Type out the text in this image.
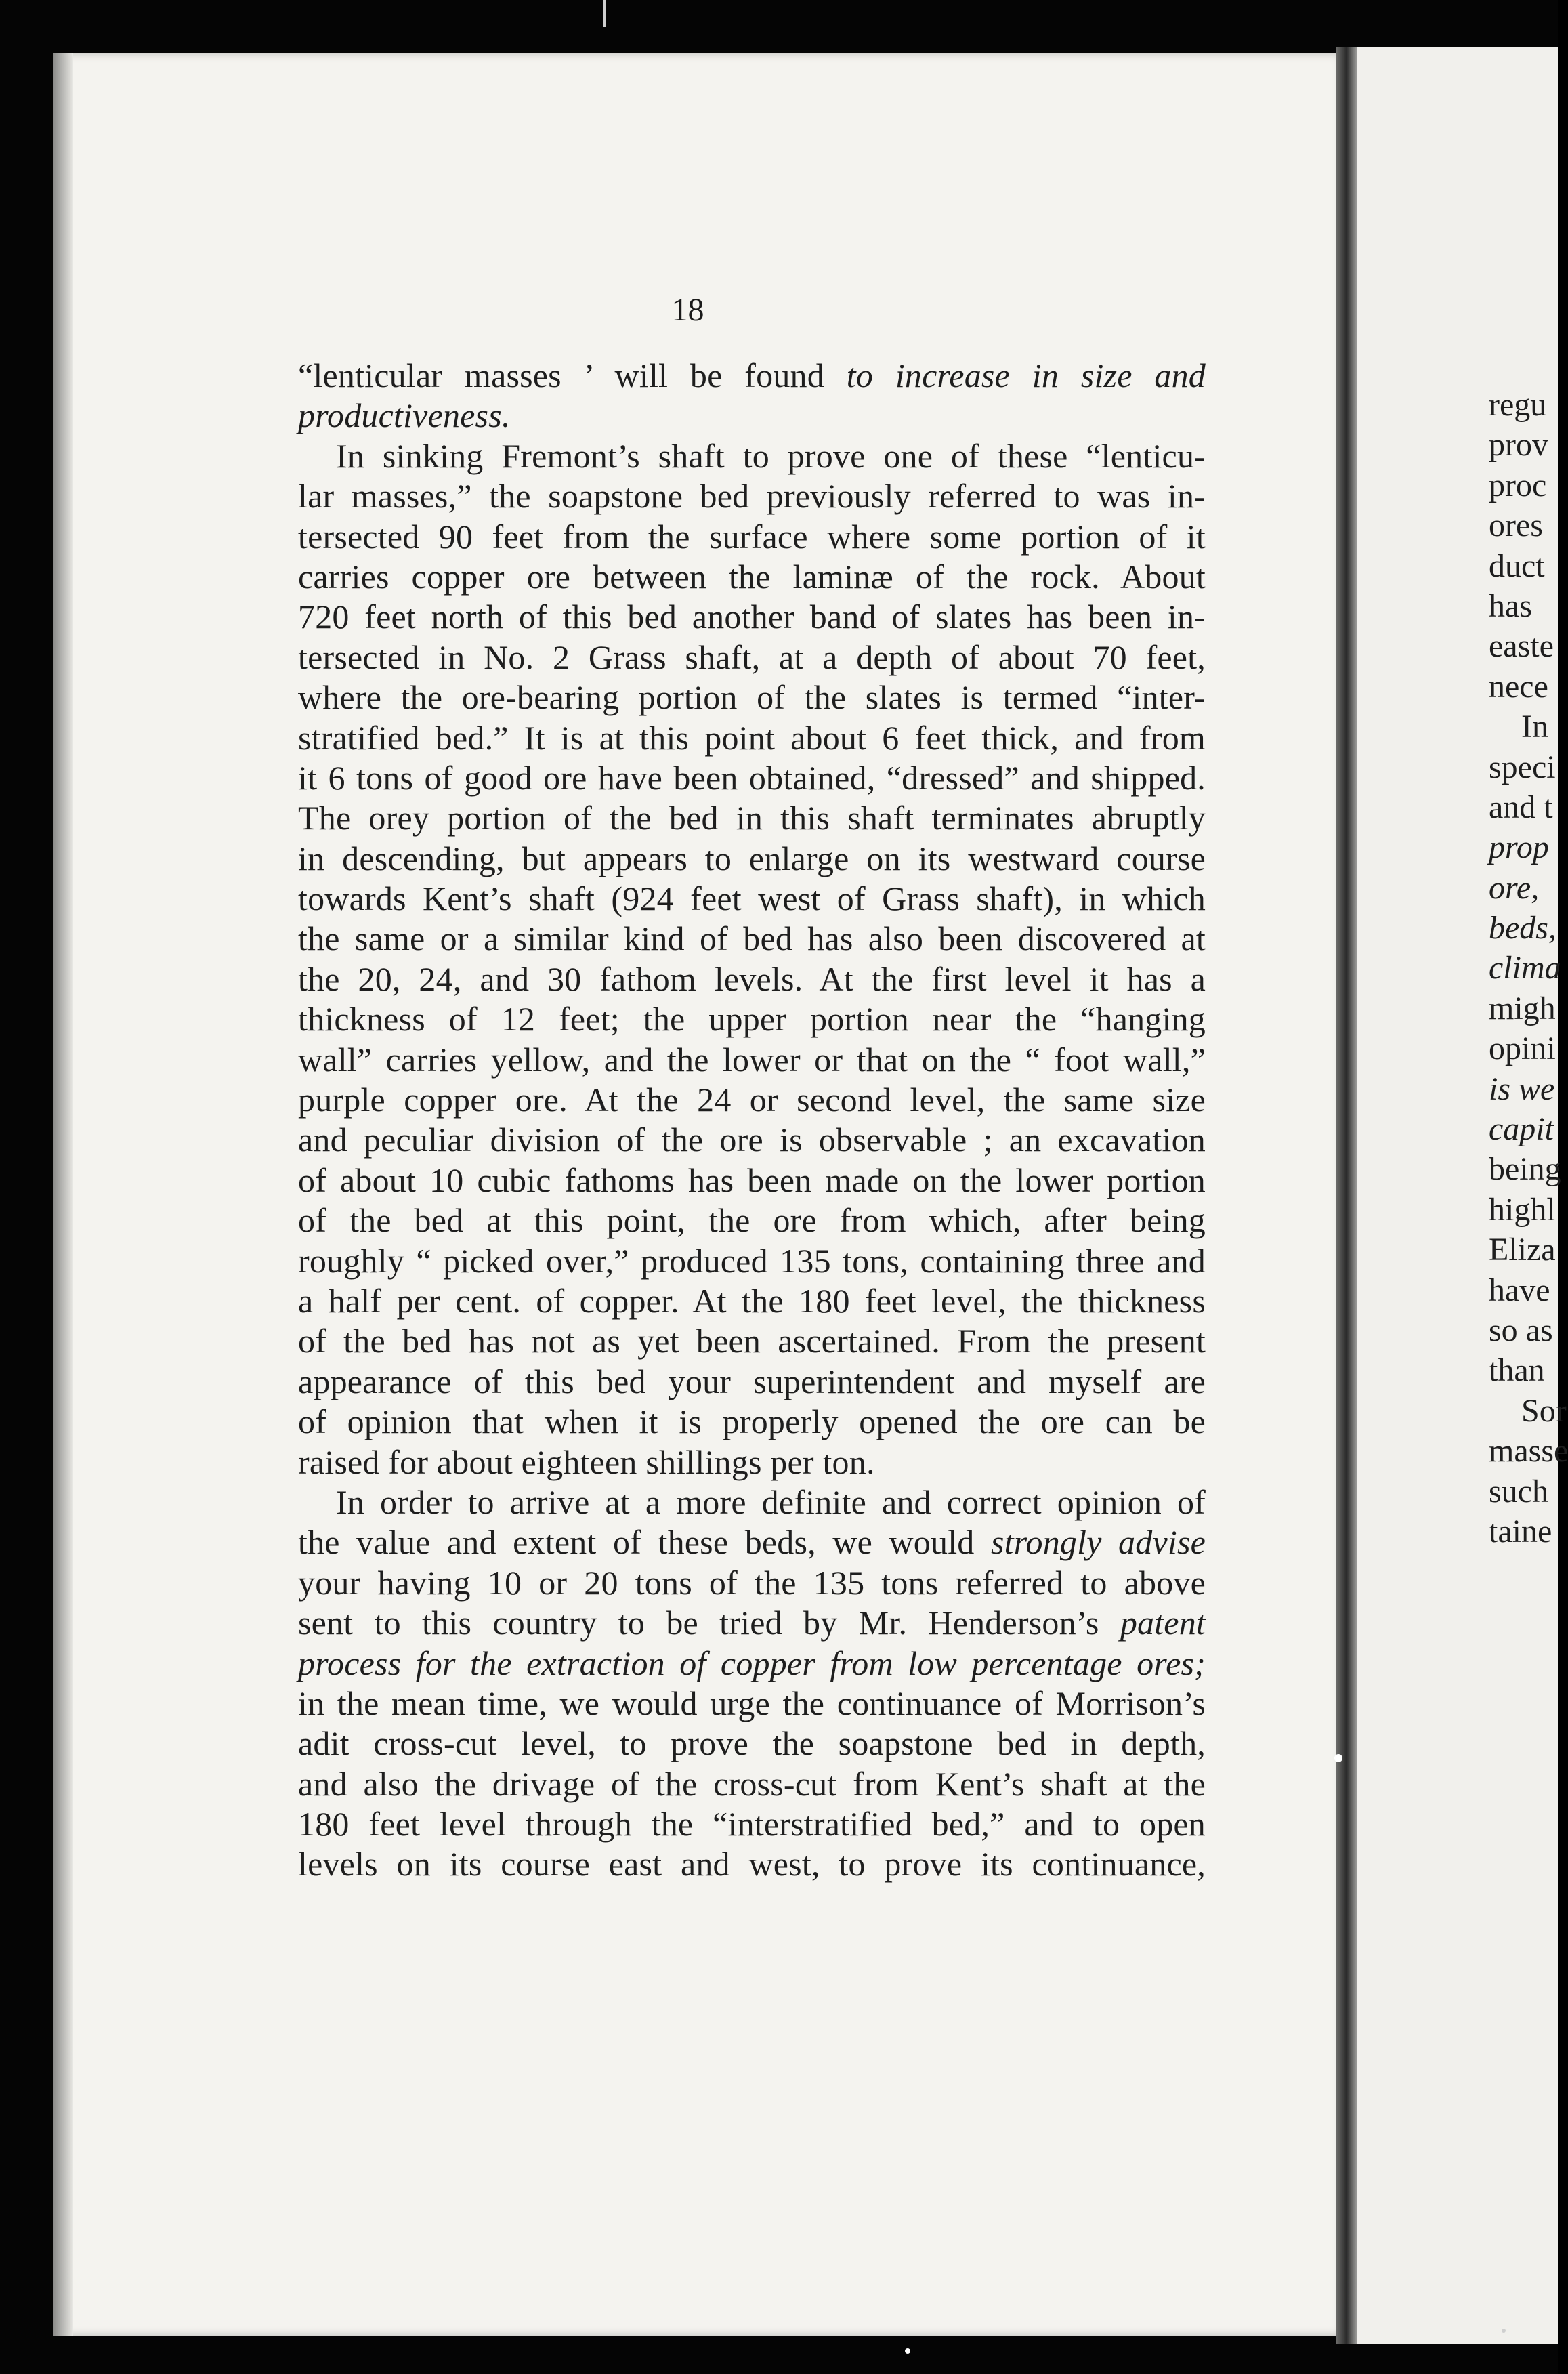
18
“lenticular masses ’ will be found to increase in size and
productiveness.
In sinking Fremont’s shaft to prove one of these “lenticu-
lar masses,” the soapstone bed previously referred to was in-
tersected 90 feet from the surface where some portion of it
carries copper ore between the laminæ of the rock. About
720 feet north of this bed another band of slates has been in-
tersected in No. 2 Grass shaft, at a depth of about 70 feet,
where the ore-bearing portion of the slates is termed “inter-
stratified bed.” It is at this point about 6 feet thick, and from
it 6 tons of good ore have been obtained, “dressed” and shipped.
The orey portion of the bed in this shaft terminates abruptly
in descending, but appears to enlarge on its westward course
towards Kent’s shaft (924 feet west of Grass shaft), in which
the same or a similar kind of bed has also been discovered at
the 20, 24, and 30 fathom levels. At the first level it has a
thickness of 12 feet; the upper portion near the “hanging
wall” carries yellow, and the lower or that on the “ foot wall,”
purple copper ore. At the 24 or second level, the same size
and peculiar division of the ore is observable ; an excavation
of about 10 cubic fathoms has been made on the lower portion
of the bed at this point, the ore from which, after being
roughly “ picked over,” produced 135 tons, containing three and
a half per cent. of copper. At the 180 feet level, the thickness
of the bed has not as yet been ascertained. From the present
appearance of this bed your superintendent and myself are
of opinion that when it is properly opened the ore can be
raised for about eighteen shillings per ton.
In order to arrive at a more definite and correct opinion of
the value and extent of these beds, we would strongly advise
your having 10 or 20 tons of the 135 tons referred to above
sent to this country to be tried by Mr. Henderson’s patent
process for the extraction of copper from low percentage ores;
in the mean time, we would urge the continuance of Morrison’s
adit cross-cut level, to prove the soapstone bed in depth,
and also the drivage of the cross-cut from Kent’s shaft at the
180 feet level through the “interstratified bed,” and to open
levels on its course east and west, to prove its continuance,
regu
prov
proc
ores
duct
has
easte
nece
In
speci
and t
prop
ore,
beds,
clima
migh
opini
is we
capit
being
highl
Eliza
have
so as
than
Sor
masse
such
taine
